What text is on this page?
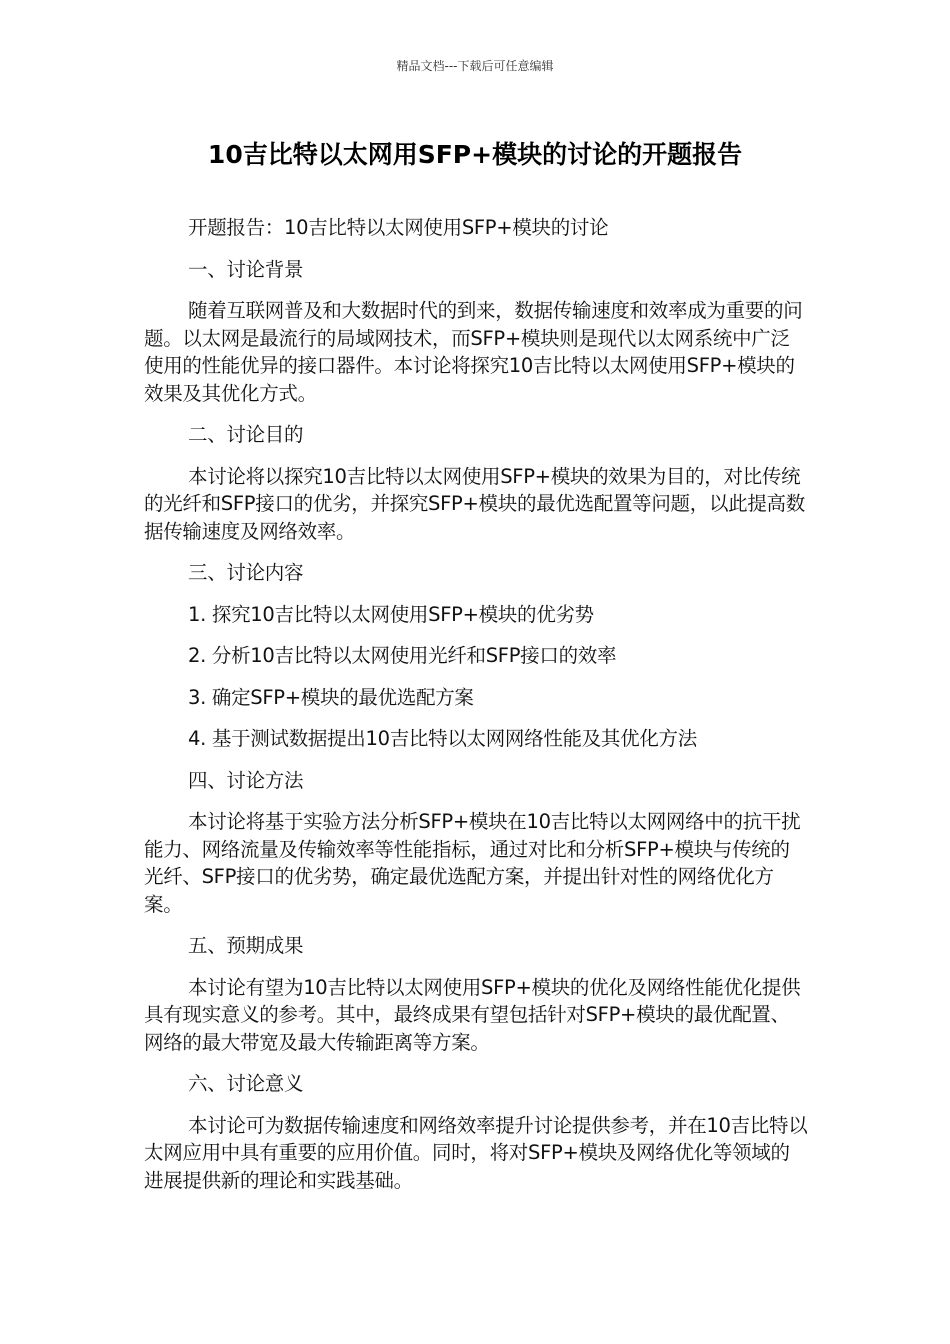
精品文档---下载后可任意编辑
10吉比特以太网用SFP+模块的讨论的开题报告

开题报告：10吉比特以太网使用SFP+模块的讨论

一、讨论背景

随着互联网普及和大数据时代的到来，数据传输速度和效率成为重要的问题。以太网是最流行的局域网技术，而SFP+模块则是现代以太网系统中广泛使用的性能优异的接口器件。本讨论将探究10吉比特以太网使用SFP+模块的效果及其优化方式。

二、讨论目的

本讨论将以探究10吉比特以太网使用SFP+模块的效果为目的，对比传统的光纤和SFP接口的优劣，并探究SFP+模块的最优选配置等问题，以此提高数据传输速度及网络效率。

三、讨论内容

1. 探究10吉比特以太网使用SFP+模块的优劣势

2. 分析10吉比特以太网使用光纤和SFP接口的效率

3. 确定SFP+模块的最优选配方案

4. 基于测试数据提出10吉比特以太网网络性能及其优化方法

四、讨论方法

本讨论将基于实验方法分析SFP+模块在10吉比特以太网网络中的抗干扰能力、网络流量及传输效率等性能指标，通过对比和分析SFP+模块与传统的光纤、SFP接口的优劣势，确定最优选配方案，并提出针对性的网络优化方案。

五、预期成果

本讨论有望为10吉比特以太网使用SFP+模块的优化及网络性能优化提供具有现实意义的参考。其中，最终成果有望包括针对SFP+模块的最优配置、网络的最大带宽及最大传输距离等方案。

六、讨论意义

本讨论可为数据传输速度和网络效率提升讨论提供参考，并在10吉比特以太网应用中具有重要的应用价值。同时，将对SFP+模块及网络优化等领域的进展提供新的理论和实践基础。
